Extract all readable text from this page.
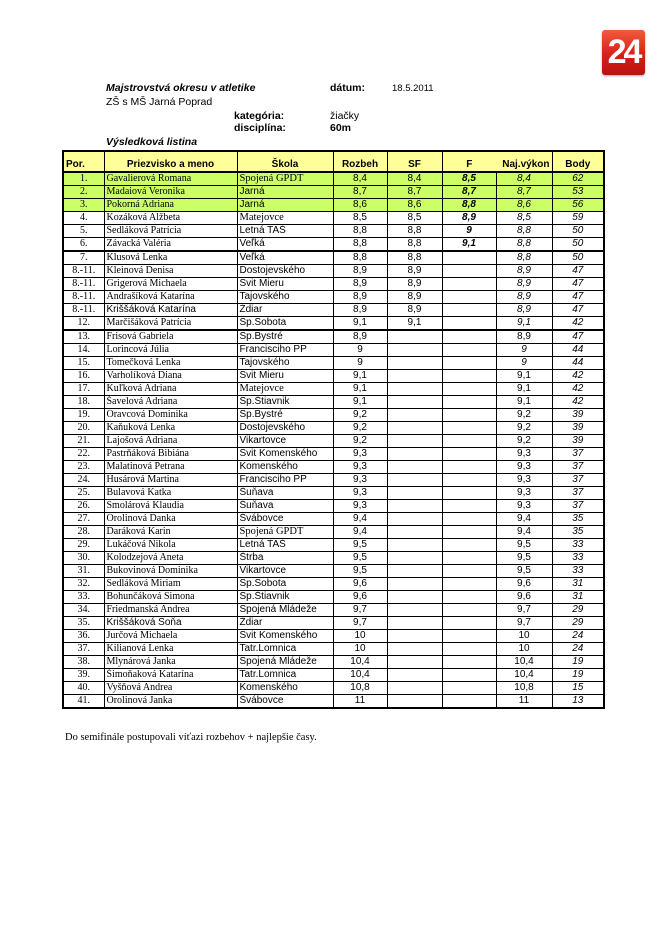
24
Majstrovstvá okresu v atletike	dátum:	18.5.2011
ZŠ s MŠ Jarná Poprad
kategória:	žiačky
disciplína:	60m
Výsledková listina
Por.	Priezvisko a meno	Škola	Rozbeh	SF	F	Naj.výkon	Body
1.	Gavalierová Romana	Spojená GPDT	8,4	8,4	8,5	8,4	62
2.	Madaiová Veronika	Jarná	8,7	8,7	8,7	8,7	53
3.	Pokorná Adriana	Jarná	8,6	8,6	8,8	8,6	56
4.	Kozáková Alžbeta	Matejovce	8,5	8,5	8,9	8,5	59
5.	Sedláková Patrícia	Letná TAŠ	8,8	8,8	9	8,8	50
6.	Závacká Valéria	Veľká	8,8	8,8	9,1	8,8	50
7.	Klusová Lenka	Veľká	8,8	8,8		8,8	50
8.-11.	Kleinová Denisa	Dostojevského	8,9	8,9		8,9	47
8.-11.	Grigerová Michaela	Svit Mieru	8,9	8,9		8,9	47
8.-11.	Andrašíková Katarína	Tajovského	8,9	8,9		8,9	47
8.-11.	Kriššáková Katarína	Ždiar	8,9	8,9		8,9	47
12.	Marčišáková Patrícia	Sp.Sobota	9,1	9,1		9,1	42
13.	Frisová Gabriela	Sp.Bystré	8,9			8,9	47
14.	Lorincová Júlia	Francisciho PP	9			9	44
15.	Tomečková Lenka	Tajovského	9			9	44
16.	Varholíková Diana	Svit Mieru	9,1			9,1	42
17.	Kuľková Adriana	Matejovce	9,1			9,1	42
18.	Šavelová Adriana	Sp.Štiavnik	9,1			9,1	42
19.	Oravcová Dominika	Sp.Bystré	9,2			9,2	39
20.	Kaňuková Lenka	Dostojevského	9,2			9,2	39
21.	Lajošová Adriana	Vikartovce	9,2			9,2	39
22.	Pastrňáková Bibiána	Svit Komenského	9,3			9,3	37
23.	Malatinová Petrana	Komenského	9,3			9,3	37
24.	Husárová Martina	Francisciho PP	9,3			9,3	37
25.	Bulavová Katka	Šuňava	9,3			9,3	37
26.	Smolárová Klaudia	Šuňava	9,3			9,3	37
27.	Orolinová Danka	Švábovce	9,4			9,4	35
28.	Daráková Karin	Spojená GPDT	9,4			9,4	35
29.	Lukáčová Nikola	Letná TAŠ	9,5			9,5	33
30.	Kolodzejová Aneta	Štrba	9,5			9,5	33
31.	Bukovinová Dominika	Vikartovce	9,5			9,5	33
32.	Sedláková Miriam	Sp.Sobota	9,6			9,6	31
33.	Bohunčáková Simona	Sp.Štiavnik	9,6			9,6	31
34.	Friedmanská Andrea	Spojená Mládeže	9,7			9,7	29
35.	Kriššáková Soňa	Ždiar	9,7			9,7	29
36.	Jurčová Michaela	Svit Komenského	10			10	24
37.	Kilianová Lenka	Tatr.Lomnica	10			10	24
38.	Mlynárová Janka	Spojená Mládeže	10,4			10,4	19
39.	Šimoňaková Katarína	Tatr.Lomnica	10,4			10,4	19
40.	Vyšňová Andrea	Komenského	10,8			10,8	15
41.	Orolinová Janka	Švábovce	11			11	13
Do semifinále postupovali víťazi rozbehov + najlepšie časy.
